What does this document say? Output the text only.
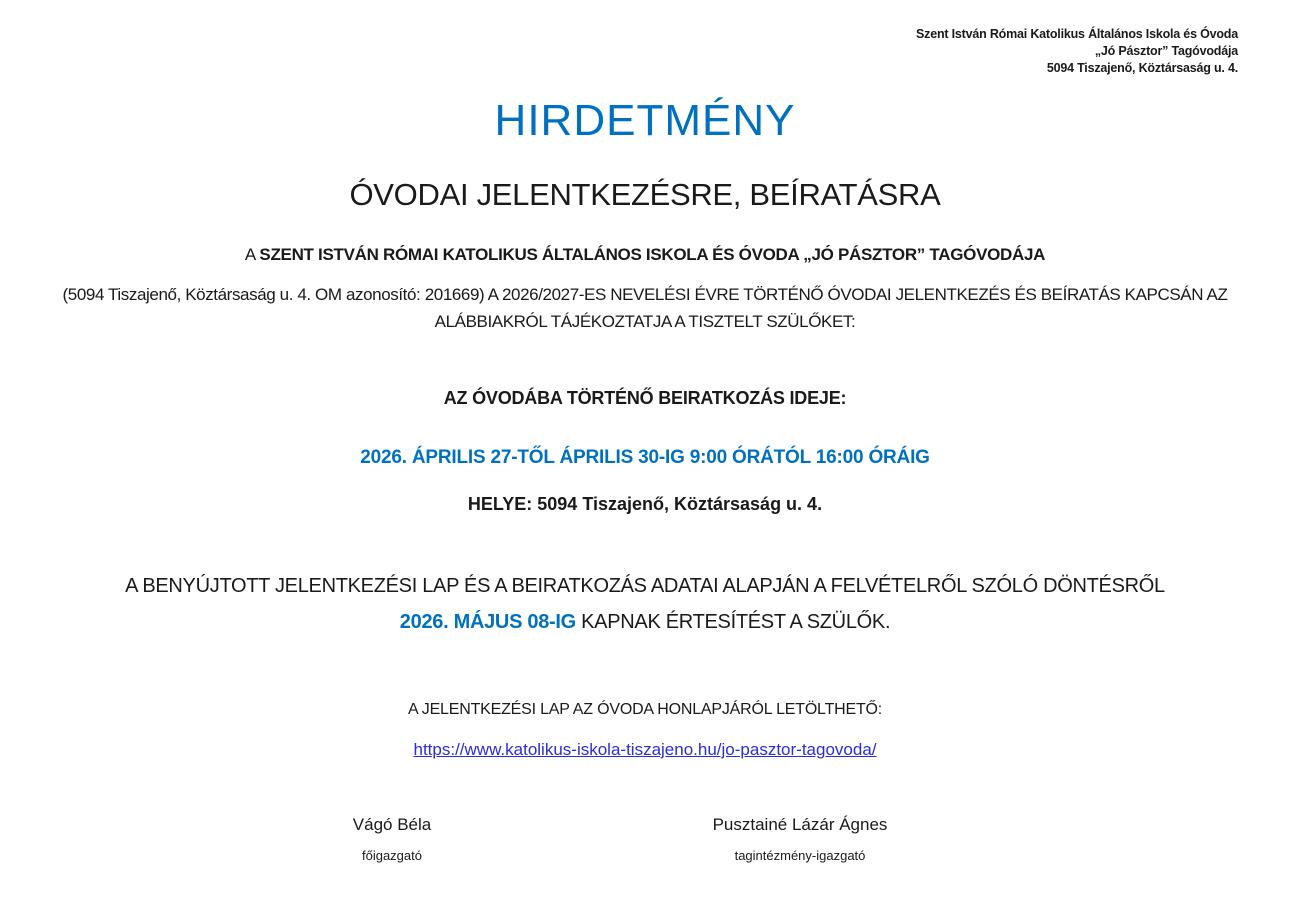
Szent István Római Katolikus Általános Iskola és Óvoda
„Jó Pásztor” Tagóvodája
5094 Tiszajenő, Köztársaság u. 4.
HIRDETMÉNY
ÓVODAI JELENTKEZÉSRE, BEÍRATÁSRA
A SZENT ISTVÁN RÓMAI KATOLIKUS ÁLTALÁNOS ISKOLA ÉS ÓVODA „JÓ PÁSZTOR” TAGÓVODÁJA
(5094 Tiszajenő, Köztársaság u. 4. OM azonosító: 201669) A 2026/2027-ES NEVELÉSI ÉVRE TÖRTÉNŐ ÓVODAI JELENTKEZÉS ÉS BEÍRATÁS KAPCSÁN AZ ALÁBBIAKRÓL TÁJÉKOZTATJA A TISZTELT SZÜLŐKET:
AZ ÓVODÁBA TÖRTÉNŐ BEIRATKOZÁS IDEJE:
2026. ÁPRILIS 27-TŐL ÁPRILIS 30-IG 9:00 ÓRÁTÓL 16:00 ÓRÁIG
HELYE: 5094 Tiszajenő, Köztársaság u. 4.
A BENYÚJTOTT JELENTKEZÉSI LAP ÉS A BEIRATKOZÁS ADATAI ALAPJÁN A FELVÉTELRŐL SZÓLÓ DÖNTÉSRŐL
2026. MÁJUS 08-IG KAPNAK ÉRTESÍTÉST A SZÜLŐK.
A JELENTKEZÉSI LAP AZ ÓVODA HONLAPJÁRÓL LETÖLTHETŐ:
https://www.katolikus-iskola-tiszajeno.hu/jo-pasztor-tagovoda/
Vágó Béla
főigazgató
Pusztainé Lázár Ágnes
tagintézmény-igazgató
